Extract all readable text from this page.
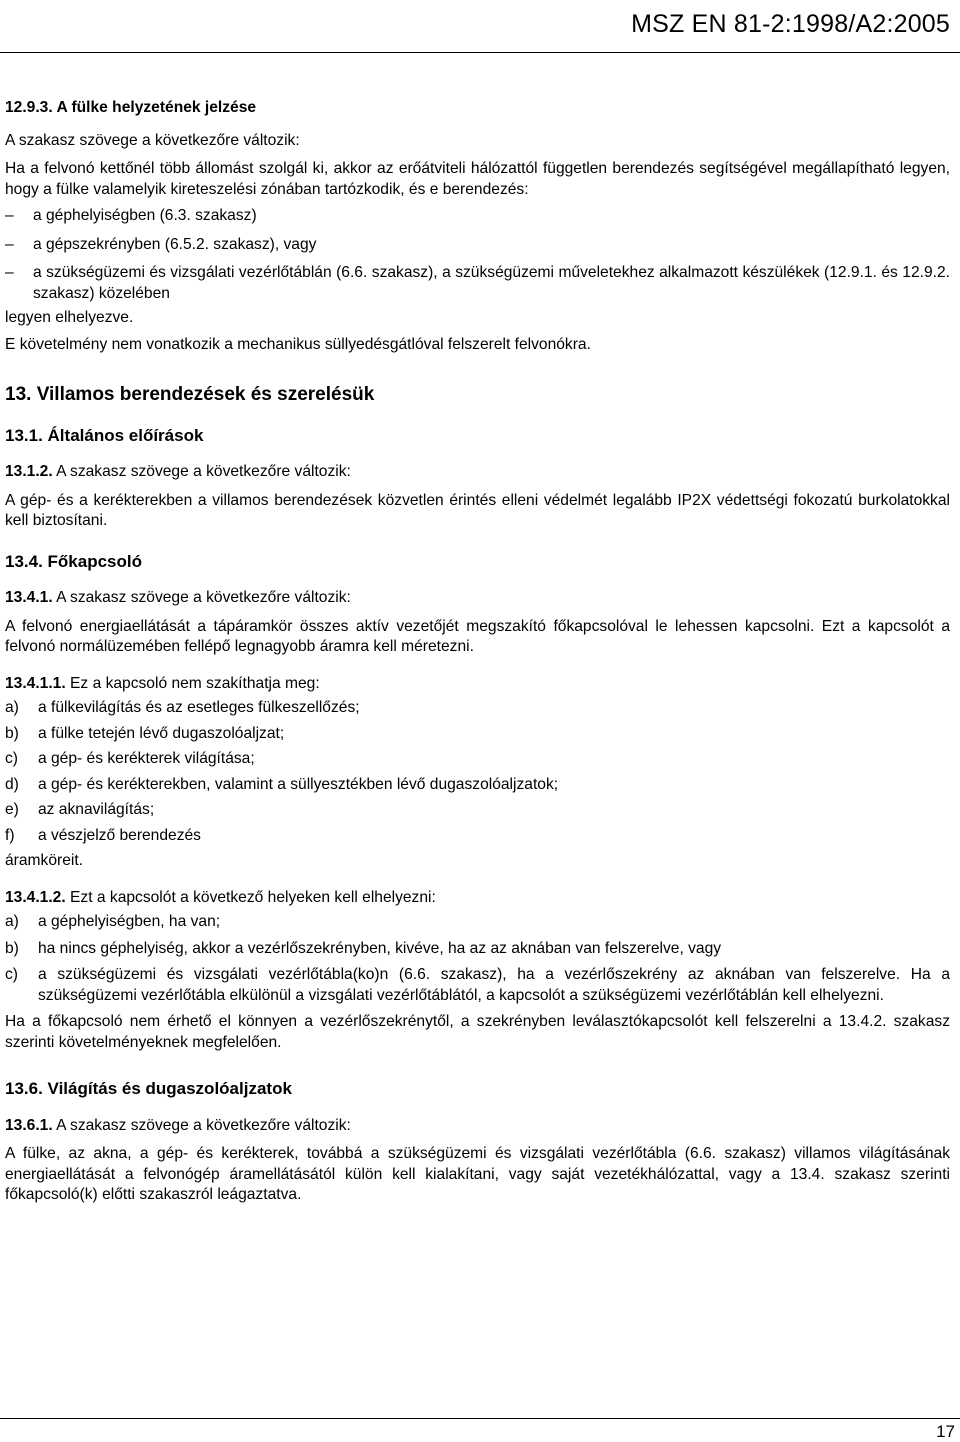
MSZ EN 81-2:1998/A2:2005

12.9.3. A fülke helyzetének jelzése

A szakasz szövege a következőre változik:

Ha a felvonó kettőnél több állomást szolgál ki, akkor az erőátviteli hálózattól független berendezés segítségével megállapítható legyen, hogy a fülke valamelyik kireteszelési zónában tartózkodik, és e berendezés:

–	a géphelyiségben (6.3. szakasz)
–	a gépszekrényben (6.5.2. szakasz), vagy
–	a szükségüzemi és vizsgálati vezérlőtáblán (6.6. szakasz), a szükségüzemi műveletekhez alkalmazott készülékek (12.9.1. és 12.9.2. szakasz) közelében

legyen elhelyezve.

E követelmény nem vonatkozik a mechanikus süllyedésgátlóval felszerelt felvonókra.

13. Villamos berendezések és szerelésük

13.1. Általános előírások

13.1.2. A szakasz szövege a következőre változik:

A gép- és a kerékterekben a villamos berendezések közvetlen érintés elleni védelmét legalább IP2X védettségi fokozatú burkolatokkal kell biztosítani.

13.4. Főkapcsoló

13.4.1. A szakasz szövege a következőre változik:

A felvonó energiaellátását a tápáramkör összes aktív vezetőjét megszakító főkapcsolóval le lehessen kapcsolni. Ezt a kapcsolót a felvonó normálüzemében fellépő legnagyobb áramra kell méretezni.

13.4.1.1. Ez a kapcsoló nem szakíthatja meg:

a)	a fülkevilágítás és az esetleges fülkeszellőzés;
b)	a fülke tetején lévő dugaszolóaljzat;
c)	a gép- és kerékterek világítása;
d)	a gép- és kerékterekben, valamint a süllyesztékben lévő dugaszolóaljzatok;
e)	az aknavilágítás;
f)	a vészjelző berendezés

áramköreit.

13.4.1.2. Ezt a kapcsolót a következő helyeken kell elhelyezni:

a)	a géphelyiségben, ha van;
b)	ha nincs géphelyiség, akkor a vezérlőszekrényben, kivéve, ha az az aknában van felszerelve, vagy
c)	a szükségüzemi és vizsgálati vezérlőtábla(ko)n (6.6. szakasz), ha a vezérlőszekrény az aknában van felszerelve. Ha a szükségüzemi vezérlőtábla elkülönül a vizsgálati vezérlőtáblától, a kapcsolót a szükségüzemi vezérlőtáblán kell elhelyezni.

Ha a főkapcsoló nem érhető el könnyen a vezérlőszekrénytől, a szekrényben leválasztókapcsolót kell felszerelni a 13.4.2. szakasz szerinti követelményeknek megfelelően.

13.6. Világítás és dugaszolóaljzatok

13.6.1. A szakasz szövege a következőre változik:

A fülke, az akna, a gép- és kerékterek, továbbá a szükségüzemi és vizsgálati vezérlőtábla (6.6. szakasz) villamos világításának energiaellátását a felvonógép áramellátásától külön kell kialakítani, vagy saját vezetékhálózattal, vagy a 13.4. szakasz szerinti főkapcsoló(k) előtti szakaszról leágaztatva.

17
